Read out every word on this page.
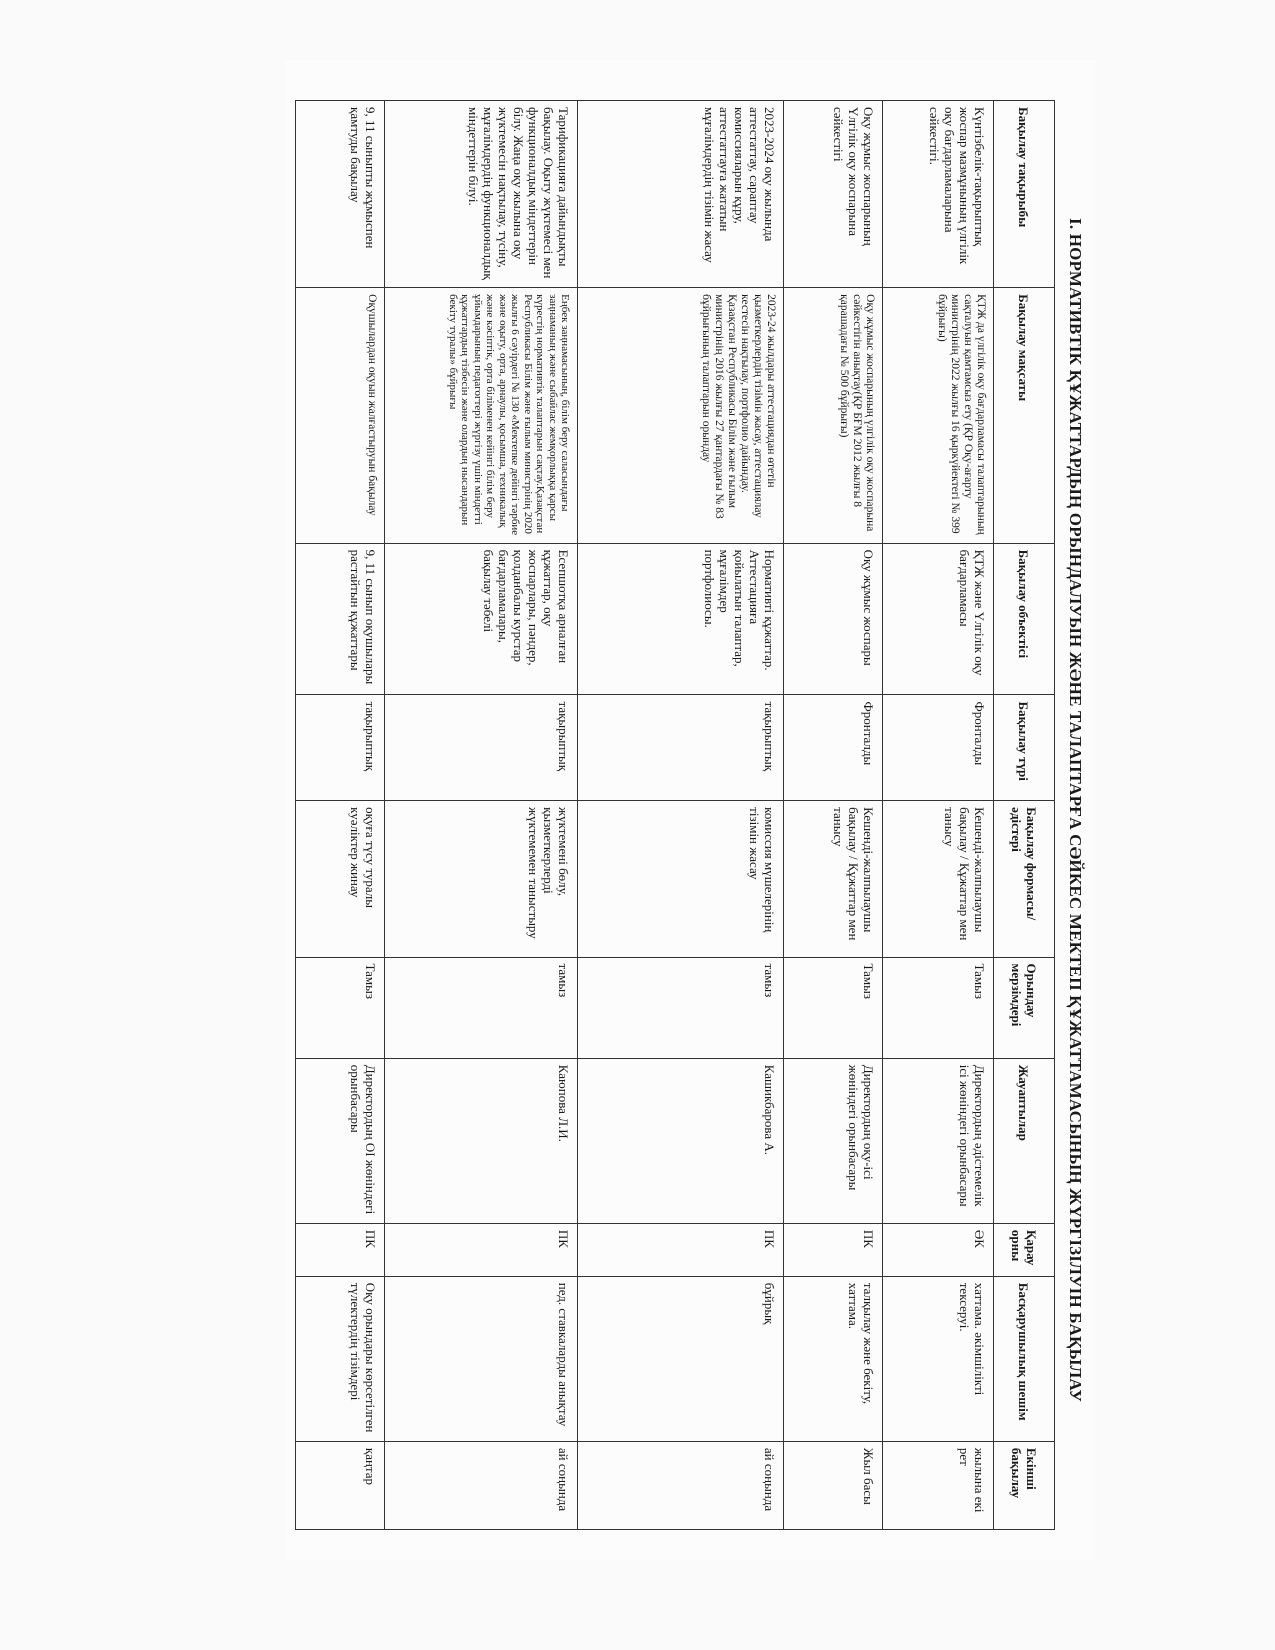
І. НОРМАТИВТІК ҚҰЖАТТАРДЫҢ ОРЫНДАЛУЫН ЖӘНЕ ТАЛАПТАРҒА СӘЙКЕС МЕКТЕП ҚҰЖАТТАМАСЫНЫҢ ЖҮРГІЗІЛУІН БАҚЫЛАУ
Бақылау тақырыбы	Бақылау мақсаты	Бақылау объектісі	Бақылау түрі	Бақылау формасы/ әдістері	Орындау мерзімдері	Жауаптылар	Қарау орны	Басқарушылық шешім	Екінші бақылау
Күнтізбелік-тақырыптық жоспар мазмұнының үлгілік оқу бағдарламаларына сәйкестігі.	ҚТЖ да үлгілік оқу бағдарламасы талаптарының сақталуын қамтамсыз ету (ҚР Оқу-ағарту министрінің 2022 жылғы 16 қыркүйектегі № 399 бұйрығы)	ҚТЖ және Үлгілік оқу бағдарламасы	Фронталды	Кешенді-жалпылаушы бақылау / Құжаттар мен танысу	Тамыз	Директордың әдістемелік ісі жөніндегі орынбасары	ӘК	хаттама. әкімшілікті тексеруі.	жылына екі рет
Оқу жұмыс жоспарының Үлгілік оқу жоспарына сәйкестігі	Оқу жұмыс жоспарының үлгілік оқу жоспарына сәйкестігін анықтау(ҚР БҒМ 2012 жылғы 8 қарашадағы № 500 бұйрығы)	Оқу жұмыс жоспары	Фронталды	Кешенді-жалпылаушы бақылау / Құжаттар мен танысу	Тамыз	Директордың оқу-ісі жөніндегі орынбасары	ПК	талқылау және бекіту, хаттама.	Жыл басы
2023-2024 оқу жылында аттестаттау, сараптау комиссияларын құру, аттестаттауға жататын мұғалімдердің тізімін жасау	2023-24 жылдары аттестациядан өтетін қызметкерлердің тізімін жасау, аттестациялау кестесін нақтылау, портфолио дайындау. Қазақстан Республикасы Білім және ғылым министрінің 2016 жылғы 27 қантардағы № 83 бұйрығының талаптарын орындау	Нормативті құжаттар. Аттестацияға қойылатын талаптар, мұғалімдер портфолиосы.	тақырыптық	комиссия мүшелерінің тізімін жасау	тамыз	Кашикбарова А.	ПК	бұйрық	ай соңында
Тарификацияға дайындықты бақылау. Оқыту жүктемесі мен функционалдық міндеттерін білу. Жаңа оқу жылына оқу жүктемесін нақтылау, түсіну, мұғалімдердің функционалдық міндеттерін білуі.	Еңбек заңнамасының, білім беру саласындағы заңнаманың және сыбайлас жемқорлыққа қарсы күрестің нормативтік талаптарын сақтау.Қазақстан Республикасы Білім және ғылым министрінің 2020 жылғы 6 сәуірдегі № 130 «Мектепке дейінгі тәрбие және оқыту, орта, арнаулы, қосымша, техникалық және кәсіптік, орта біліменен кейінгі білім беру ұйымдарының педагогтері жүргізу үшін міндетті құжаттардың тізбесін және олардың нысандарын бекіту туралы» бұйрығы	Есепшотқа арналған құжаттар, оқу жоспарлары, пәндер, қолданбалы курстар бағдарламалары, бақылау тәбелі	тақырыптық	жүктемені бөлу, қызметкерлерді жүктемемен таныстыру	тамыз	Каюпова Л.И.	ПК	пед. ставкаларды анықтау	ай соңында
9, 11 сыныпты жұмыспен қамтуды бақылау	Оқушылардан оқуын жалғастыруын бақылау	9, 11 сынып оқушылары растайтын құжаттары	тақырыптық	оқуға түсу туралы куәліктер жинау	Тамыз	Директордың ОІ жөніндегі орынбасары	ПК	Оқу орындары көрсетілген түлектердің тізімдері	қаңтар
